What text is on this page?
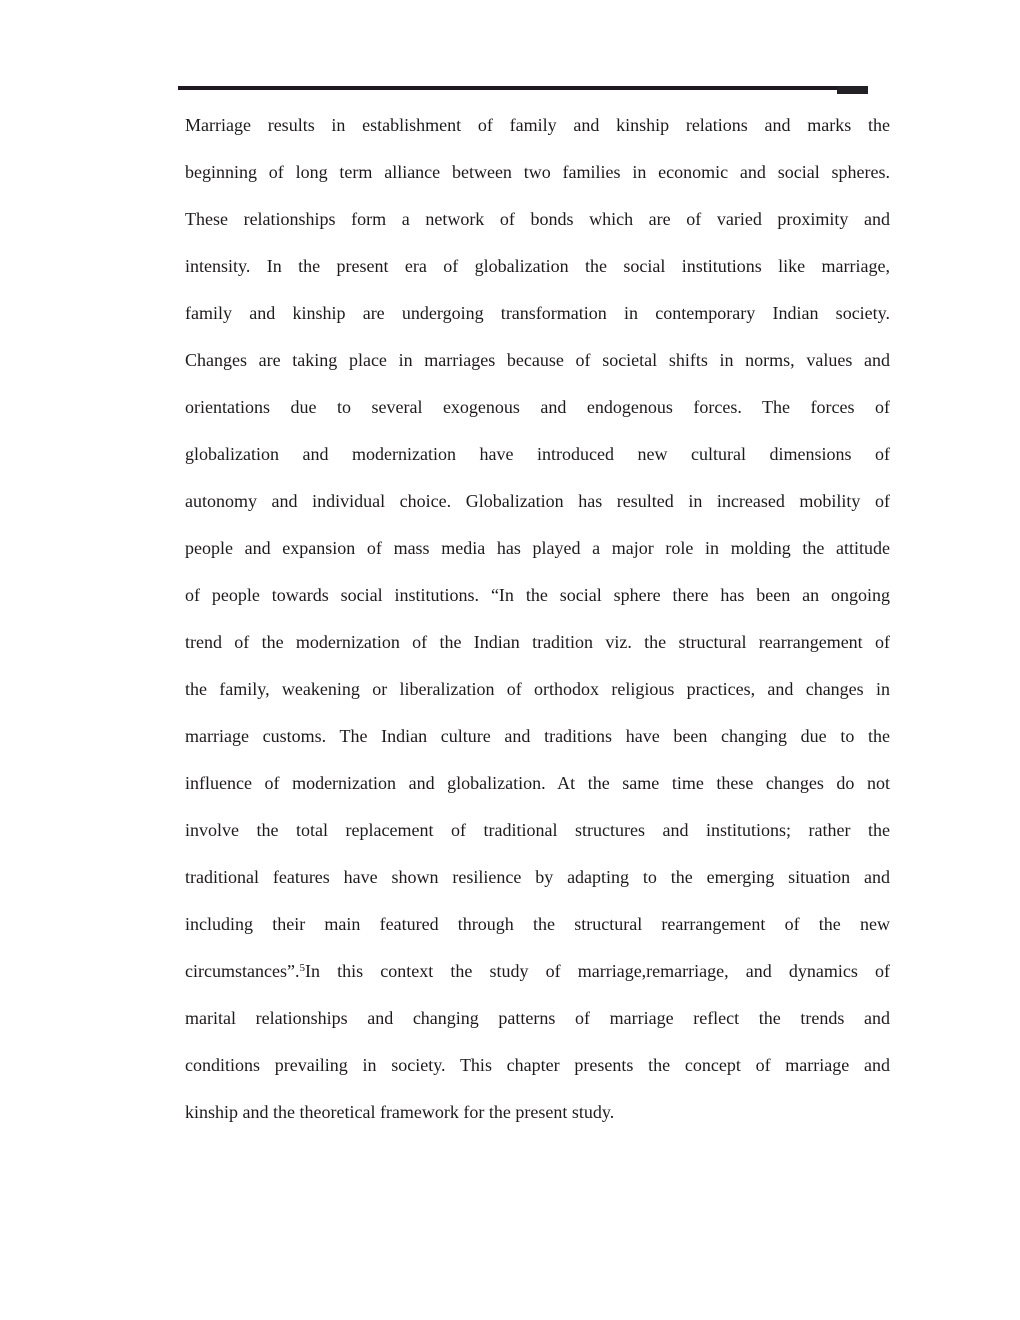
Marriage results in establishment of family and kinship relations and marks the
beginning of long term alliance between two families in economic and social spheres.
These relationships form a network of bonds which are of varied proximity and
intensity. In the present era of globalization the social institutions like marriage,
family and kinship are undergoing transformation in contemporary Indian society.
Changes are taking place in marriages because of societal shifts in norms, values and
orientations due to several exogenous and endogenous forces. The forces of
globalization and modernization have introduced new cultural dimensions of
autonomy and individual choice. Globalization has resulted in increased mobility of
people and expansion of mass media has played a major role in molding the attitude
of people towards social institutions. “In the social sphere there has been an ongoing
trend of the modernization of the Indian tradition viz. the structural rearrangement of
the family, weakening or liberalization of orthodox religious practices, and changes in
marriage customs. The Indian culture and traditions have been changing due to the
influence of modernization and globalization. At the same time these changes do not
involve the total replacement of traditional structures and institutions; rather the
traditional features have shown resilience by adapting to the emerging situation and
including their main featured through the structural rearrangement of the new
circumstances”.$^5$In this context the study of marriage,remarriage, and dynamics of
marital relationships and changing patterns of marriage reflect the trends and
conditions prevailing in society. This chapter presents the concept of marriage and
kinship and the theoretical framework for the present study.
